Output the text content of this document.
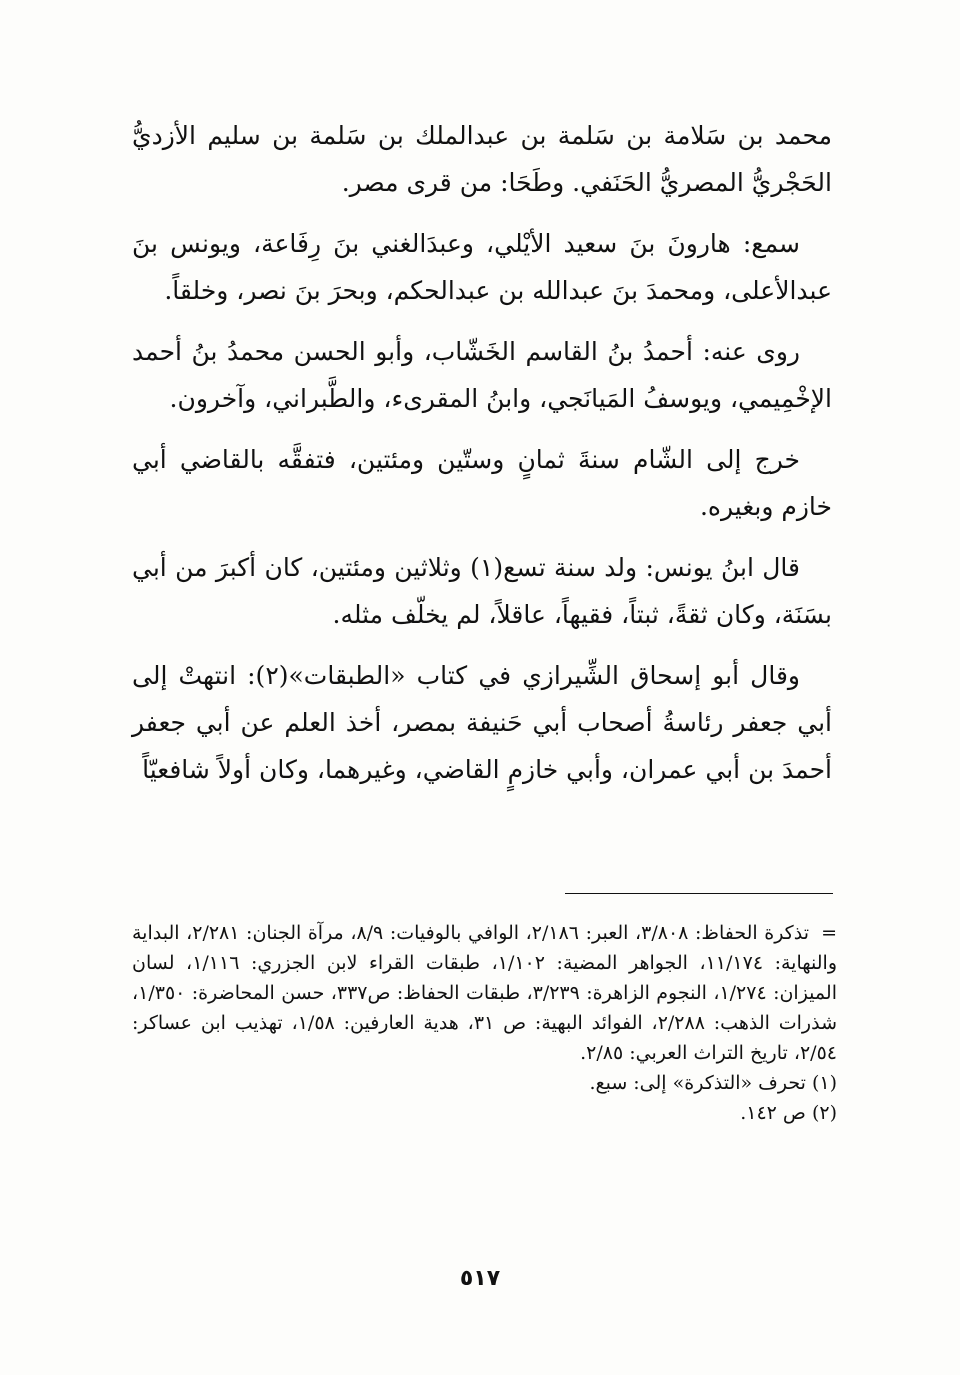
محمد بن سَلامة بن سَلمة بن عبدالملك بن سَلمة بن سليم الأزديُّ الحَجْريُّ المصريُّ الحَنَفي. وطَحَا: من قرى مصر.

سمع: هارونَ بنَ سعيد الأيْلي، وعبدَالغني بنَ رِفَاعة، ويونس بنَ عبدالأعلى، ومحمدَ بنَ عبدالله بن عبدالحكم، وبحرَ بنَ نصر، وخلقاً.

روى عنه: أحمدُ بنُ القاسم الخَشّاب، وأبو الحسن محمدُ بنُ أحمد الإخْمِيمي، ويوسفُ المَيانَجي، وابنُ المقرىء، والطَّبراني، وآخرون.

خرج إلى الشّام سنةَ ثمانٍ وستّين ومئتين، فتفقَّه بالقاضي أبي خازم وبغيره.

قال ابنُ يونس: ولد سنة تسع(١) وثلاثين ومئتين، كان أكبرَ من أبي بسَنَة، وكان ثقةً، ثبتاً، فقيهاً، عاقلاً، لم يخلّف مثله.

وقال أبو إسحاق الشِّيرازي في كتاب «الطبقات»(٢): انتهتْ إلى أبي جعفر رئاسةُ أصحاب أبي حَنيفة بمصر، أخذ العلم عن أبي جعفر أحمدَ بن أبي عمران، وأبي خازمٍ القاضي، وغيرهما، وكان أولاً شافعيّاً

=تذكرة الحفاظ: ٣/٨٠٨، العبر: ٢/١٨٦، الوافي بالوفيات: ٨/٩، مرآة الجنان: ٢/٢٨١، البداية والنهاية: ١١/١٧٤، الجواهر المضية: ١/١٠٢، طبقات القراء لابن الجزري: ١/١١٦، لسان الميزان: ١/٢٧٤، النجوم الزاهرة: ٣/٢٣٩، طبقات الحفاظ: ص٣٣٧، حسن المحاضرة: ١/٣٥٠، شذرات الذهب: ٢/٢٨٨، الفوائد البهية: ص ٣١، هدية العارفين: ١/٥٨، تهذيب ابن عساكر: ٢/٥٤، تاريخ التراث العربي: ٢/٨٥.

(١) تحرف «التذكرة» إلى: سبع.

(٢) ص ١٤٢.

٥١٧
